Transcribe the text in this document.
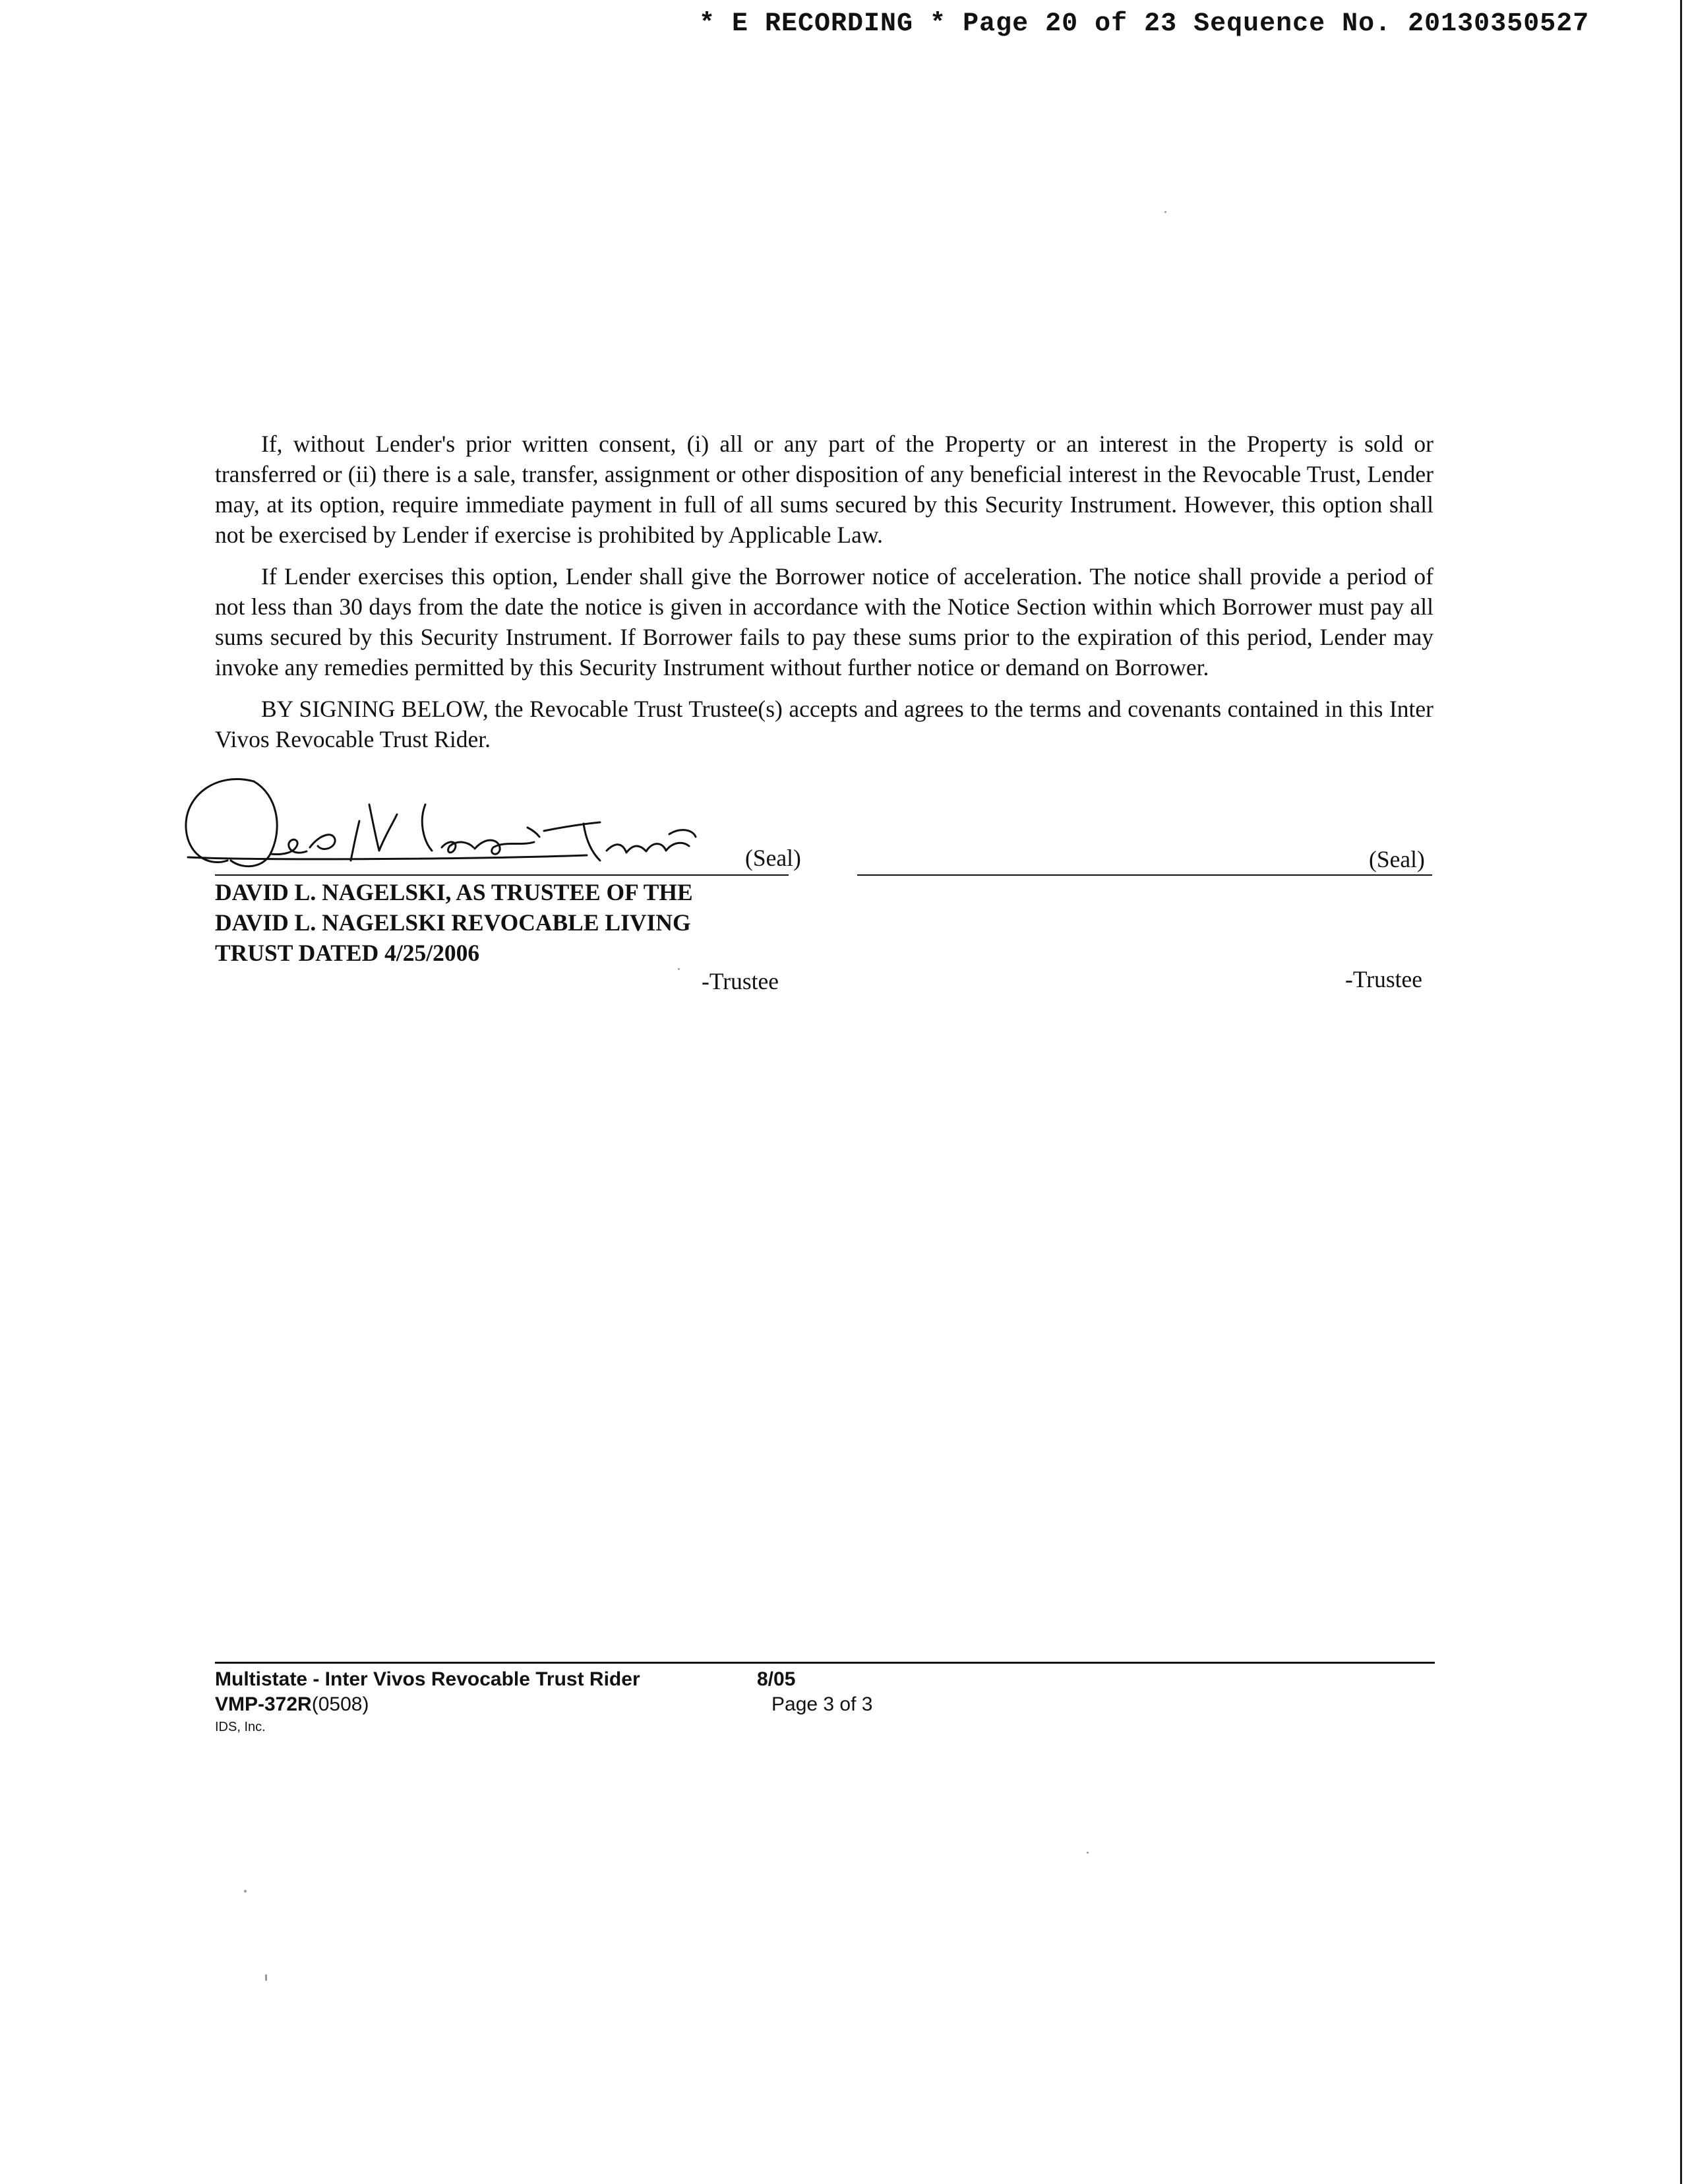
* E RECORDING * Page 20 of 23 Sequence No. 20130350527

If, without Lender's prior written consent, (i) all or any part of the Property or an interest in the Property is sold or transferred or (ii) there is a sale, transfer, assignment or other disposition of any beneficial interest in the Revocable Trust, Lender may, at its option, require immediate payment in full of all sums secured by this Security Instrument. However, this option shall not be exercised by Lender if exercise is prohibited by Applicable Law.

If Lender exercises this option, Lender shall give the Borrower notice of acceleration. The notice shall provide a period of not less than 30 days from the date the notice is given in accordance with the Notice Section within which Borrower must pay all sums secured by this Security Instrument. If Borrower fails to pay these sums prior to the expiration of this period, Lender may invoke any remedies permitted by this Security Instrument without further notice or demand on Borrower.

BY SIGNING BELOW, the Revocable Trust Trustee(s) accepts and agrees to the terms and covenants contained in this Inter Vivos Revocable Trust Rider.

(Seal)
DAVID L. NAGELSKI, AS TRUSTEE OF THE
DAVID L. NAGELSKI REVOCABLE LIVING
TRUST DATED 4/25/2006
-Trustee
(Seal)
-Trustee
Multistate - Inter Vivos Revocable Trust Rider
VMP-372R(0508)
IDS, Inc.
8/05
Page 3 of 3
